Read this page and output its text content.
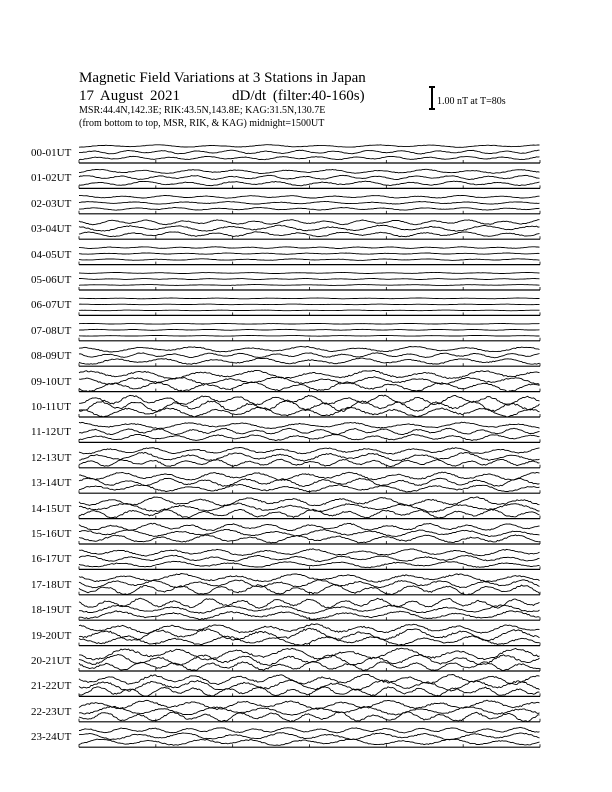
Magnetic Field Variations at 3 Stations in Japan
17 August 2021	dD/dt (filter:40-160s)
MSR:44.4N,142.3E; RIK:43.5N,143.8E; KAG:31.5N,130.7E
(from bottom to top, MSR, RIK, & KAG) midnight=1500UT
1.00 nT at T=80s
00-01UT
01-02UT
02-03UT
03-04UT
04-05UT
05-06UT
06-07UT
07-08UT
08-09UT
09-10UT
10-11UT
11-12UT
12-13UT
13-14UT
14-15UT
15-16UT
16-17UT
17-18UT
18-19UT
19-20UT
20-21UT
21-22UT
22-23UT
23-24UT
